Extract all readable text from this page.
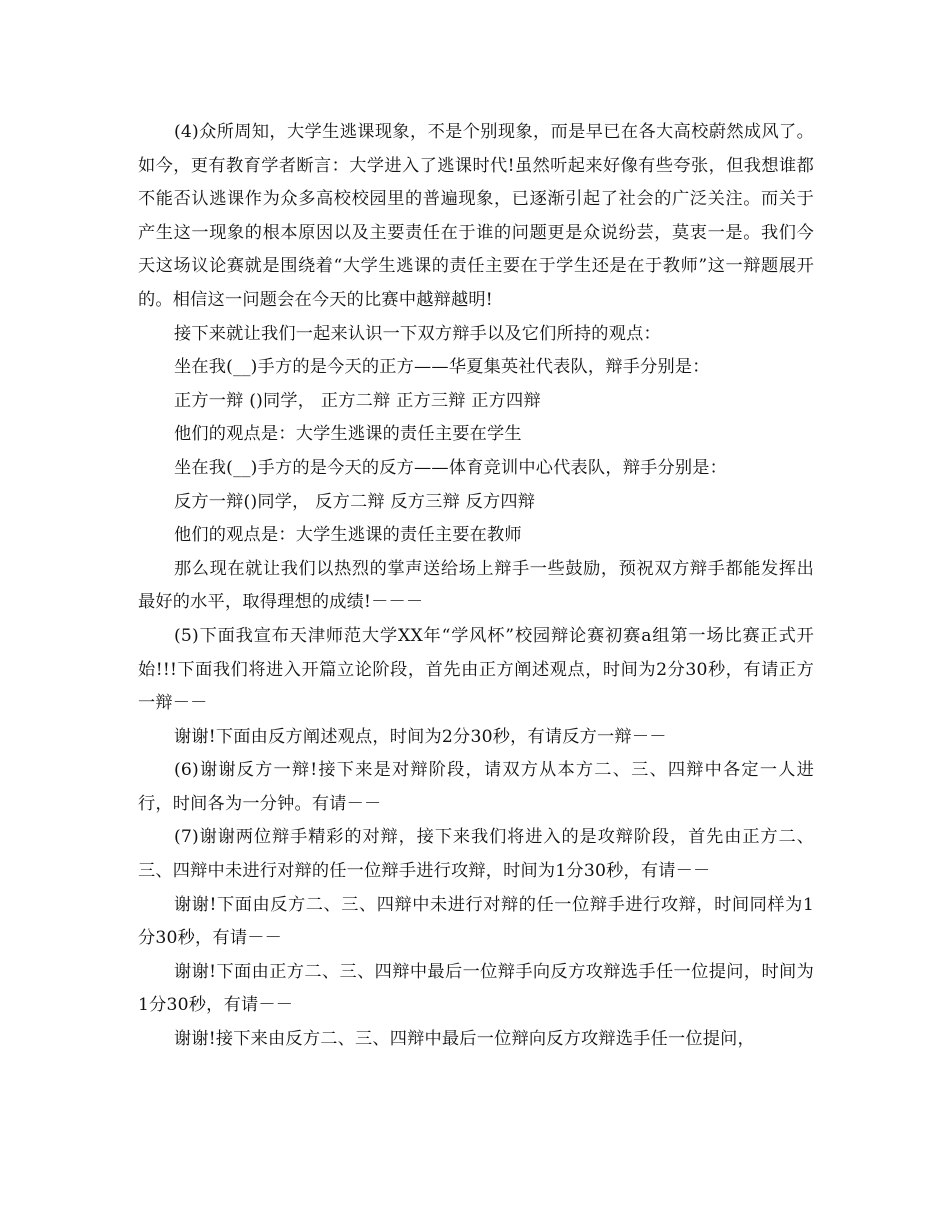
(4)众所周知，大学生逃课现象，不是个别现象，而是早已在各大高校蔚然成风了。如今，更有教育学者断言：大学进入了逃课时代!虽然听起来好像有些夸张，但我想谁都不能否认逃课作为众多高校校园里的普遍现象，已逐渐引起了社会的广泛关注。而关于产生这一现象的根本原因以及主要责任在于谁的问题更是众说纷芸，莫衷一是。我们今天这场议论赛就是围绕着“大学生逃课的责任主要在于学生还是在于教师”这一辩题展开的。相信这一问题会在今天的比赛中越辩越明!

接下来就让我们一起来认识一下双方辩手以及它们所持的观点：

坐在我(__)手方的是今天的正方——华夏集英社代表队，辩手分别是：

正方一辩 ()同学， 正方二辩 正方三辩 正方四辩

他们的观点是：大学生逃课的责任主要在学生

坐在我(__)手方的是今天的反方——体育竞训中心代表队，辩手分别是：

反方一辩()同学， 反方二辩 反方三辩 反方四辩

他们的观点是：大学生逃课的责任主要在教师

那么现在就让我们以热烈的掌声送给场上辩手一些鼓励，预祝双方辩手都能发挥出最好的水平，取得理想的成绩!－－－

(5)下面我宣布天津师范大学XX年“学风杯”校园辩论赛初赛a组第一场比赛正式开始!!!下面我们将进入开篇立论阶段，首先由正方阐述观点，时间为2分30秒，有请正方一辩－－

谢谢!下面由反方阐述观点，时间为2分30秒，有请反方一辩－－

(6)谢谢反方一辩!接下来是对辩阶段，请双方从本方二、三、四辩中各定一人进行，时间各为一分钟。有请－－

(7)谢谢两位辩手精彩的对辩，接下来我们将进入的是攻辩阶段，首先由正方二、三、四辩中未进行对辩的任一位辩手进行攻辩，时间为1分30秒，有请－－

谢谢!下面由反方二、三、四辩中未进行对辩的任一位辩手进行攻辩，时间同样为1分30秒，有请－－

谢谢!下面由正方二、三、四辩中最后一位辩手向反方攻辩选手任一位提问，时间为1分30秒，有请－－

谢谢!接下来由反方二、三、四辩中最后一位辩向反方攻辩选手任一位提问，
